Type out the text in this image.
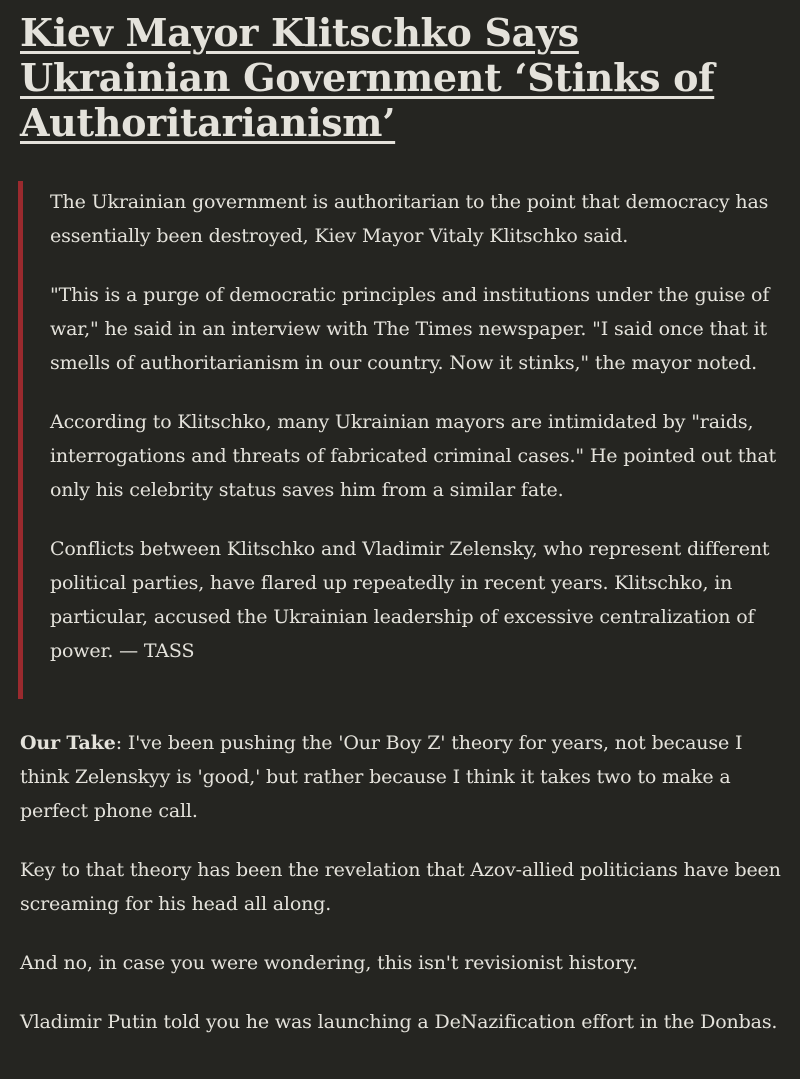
Kiev Mayor Klitschko Says Ukrainian Government ‘Stinks of Authoritarianism’

The Ukrainian government is authoritarian to the point that democracy has essentially been destroyed, Kiev Mayor Vitaly Klitschko said.

"This is a purge of democratic principles and institutions under the guise of war," he said in an interview with The Times newspaper. "I said once that it smells of authoritarianism in our country. Now it stinks," the mayor noted.

According to Klitschko, many Ukrainian mayors are intimidated by "raids, interrogations and threats of fabricated criminal cases." He pointed out that only his celebrity status saves him from a similar fate.

Conflicts between Klitschko and Vladimir Zelensky, who represent different political parties, have flared up repeatedly in recent years. Klitschko, in particular, accused the Ukrainian leadership of excessive centralization of power. — TASS

Our Take: I've been pushing the 'Our Boy Z' theory for years, not because I think Zelenskyy is 'good,' but rather because I think it takes two to make a perfect phone call.

Key to that theory has been the revelation that Azov-allied politicians have been screaming for his head all along.

And no, in case you were wondering, this isn't revisionist history.

Vladimir Putin told you he was launching a DeNazification effort in the Donbas.
